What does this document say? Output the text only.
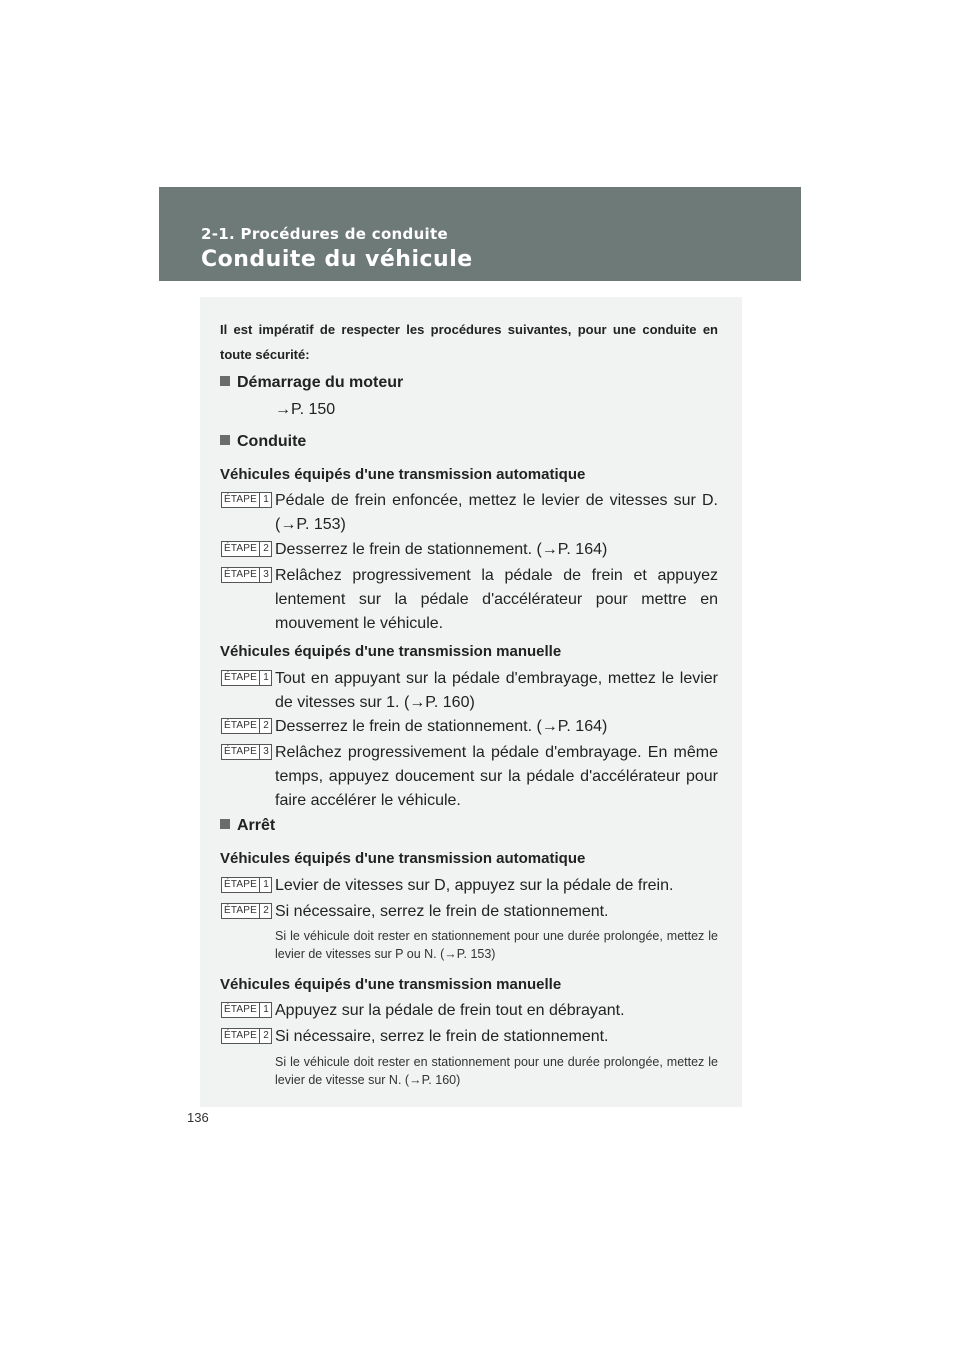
2-1. Procédures de conduite
Conduite du véhicule
Il est impératif de respecter les procédures suivantes, pour une conduite en toute sécurité:
Démarrage du moteur
→P. 150
Conduite
Véhicules équipés d'une transmission automatique
ÉTAPE 1 Pédale de frein enfoncée, mettez le levier de vitesses sur D. (→P. 153)
ÉTAPE 2 Desserrez le frein de stationnement. (→P. 164)
ÉTAPE 3 Relâchez progressivement la pédale de frein et appuyez lentement sur la pédale d'accélérateur pour mettre en mouvement le véhicule.
Véhicules équipés d'une transmission manuelle
ÉTAPE 1 Tout en appuyant sur la pédale d'embrayage, mettez le levier de vitesses sur 1. (→P. 160)
ÉTAPE 2 Desserrez le frein de stationnement. (→P. 164)
ÉTAPE 3 Relâchez progressivement la pédale d'embrayage. En même temps, appuyez doucement sur la pédale d'accélérateur pour faire accélérer le véhicule.
Arrêt
Véhicules équipés d'une transmission automatique
ÉTAPE 1 Levier de vitesses sur D, appuyez sur la pédale de frein.
ÉTAPE 2 Si nécessaire, serrez le frein de stationnement.
Si le véhicule doit rester en stationnement pour une durée prolongée, mettez le levier de vitesses sur P ou N. (→P. 153)
Véhicules équipés d'une transmission manuelle
ÉTAPE 1 Appuyez sur la pédale de frein tout en débrayant.
ÉTAPE 2 Si nécessaire, serrez le frein de stationnement.
Si le véhicule doit rester en stationnement pour une durée prolongée, mettez le levier de vitesse sur N. (→P. 160)
136
